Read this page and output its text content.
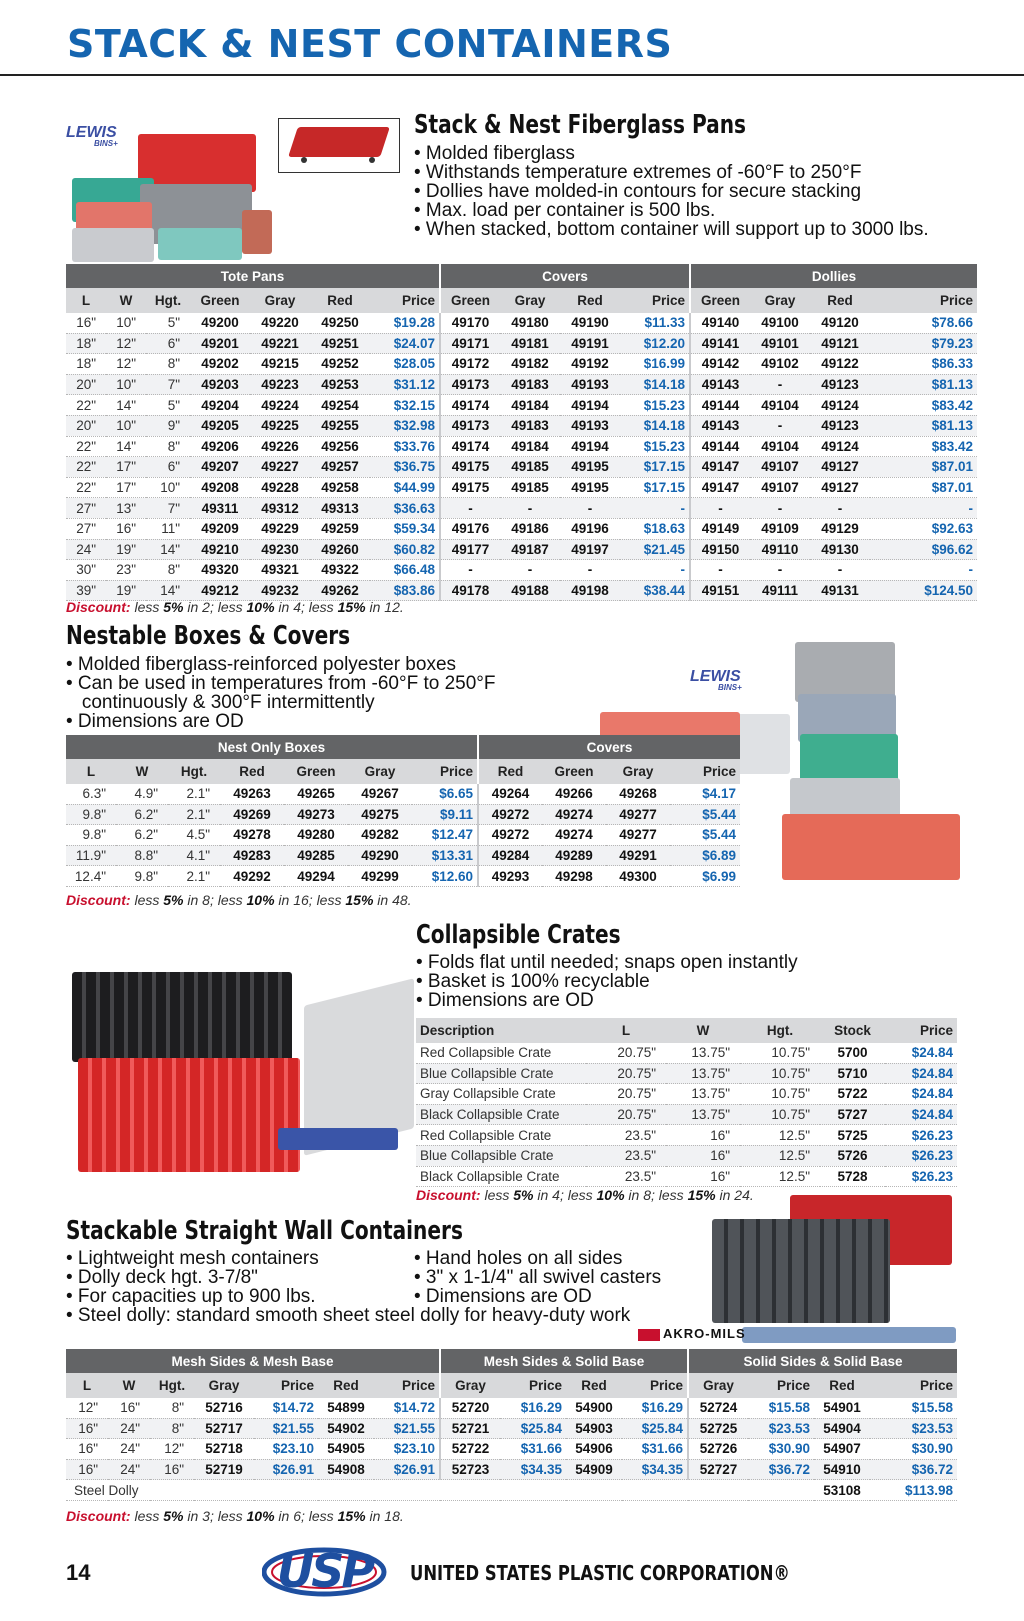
STACK & NEST CONTAINERS
LEWIS
BINS+
Stack & Nest Fiberglass Pans
• Molded fiberglass
• Withstands temperature extremes of -60°F to 250°F
• Dollies have molded-in contours for secure stacking
• Max. load per container is 500 lbs.
• When stacked, bottom container will support up to 3000 lbs.
Tote Pans							Covers				Dollies			
L	W	Hgt.	Green	Gray	Red	Price	Green	Gray	Red	Price	Green	Gray	Red	Price
16"	10"	5"	49200	49220	49250	$19.28	49170	49180	49190	$11.33	49140	49100	49120	$78.66
18"	12"	6"	49201	49221	49251	$24.07	49171	49181	49191	$12.20	49141	49101	49121	$79.23
18"	12"	8"	49202	49215	49252	$28.05	49172	49182	49192	$16.99	49142	49102	49122	$86.33
20"	10"	7"	49203	49223	49253	$31.12	49173	49183	49193	$14.18	49143	-	49123	$81.13
22"	14"	5"	49204	49224	49254	$32.15	49174	49184	49194	$15.23	49144	49104	49124	$83.42
20"	10"	9"	49205	49225	49255	$32.98	49173	49183	49193	$14.18	49143	-	49123	$81.13
22"	14"	8"	49206	49226	49256	$33.76	49174	49184	49194	$15.23	49144	49104	49124	$83.42
22"	17"	6"	49207	49227	49257	$36.75	49175	49185	49195	$17.15	49147	49107	49127	$87.01
22"	17"	10"	49208	49228	49258	$44.99	49175	49185	49195	$17.15	49147	49107	49127	$87.01
27"	13"	7"	49311	49312	49313	$36.63	-	-	-	-	-	-	-	-
27"	16"	11"	49209	49229	49259	$59.34	49176	49186	49196	$18.63	49149	49109	49129	$92.63
24"	19"	14"	49210	49230	49260	$60.82	49177	49187	49197	$21.45	49150	49110	49130	$96.62
30"	23"	8"	49320	49321	49322	$66.48	-	-	-	-	-	-	-	-
39"	19"	14"	49212	49232	49262	$83.86	49178	49188	49198	$38.44	49151	49111	49131	$124.50
Discount: less 5% in 2; less 10% in 4; less 15% in 12.
Nestable Boxes & Covers
• Molded fiberglass-reinforced polyester boxes
• Can be used in temperatures from -60°F to 250°F
continuously & 300°F intermittently
• Dimensions are OD
LEWIS
BINS+
Nest Only Boxes							Covers			
L	W	Hgt.	Red	Green	Gray	Price	Red	Green	Gray	Price
6.3"	4.9"	2.1"	49263	49265	49267	$6.65	49264	49266	49268	$4.17
9.8"	6.2"	2.1"	49269	49273	49275	$9.11	49272	49274	49277	$5.44
9.8"	6.2"	4.5"	49278	49280	49282	$12.47	49272	49274	49277	$5.44
11.9"	8.8"	4.1"	49283	49285	49290	$13.31	49284	49289	49291	$6.89
12.4"	9.8"	2.1"	49292	49294	49299	$12.60	49293	49298	49300	$6.99
Discount: less 5% in 8; less 10% in 16; less 15% in 48.
Collapsible Crates
• Folds flat until needed; snaps open instantly
• Basket is 100% recyclable
• Dimensions are OD
Description	L	W	Hgt.	Stock	Price
Red Collapsible Crate	20.75"	13.75"	10.75"	5700	$24.84
Blue Collapsible Crate	20.75"	13.75"	10.75"	5710	$24.84
Gray Collapsible Crate	20.75"	13.75"	10.75"	5722	$24.84
Black Collapsible Crate	20.75"	13.75"	10.75"	5727	$24.84
Red Collapsible Crate	23.5"	16"	12.5"	5725	$26.23
Blue Collapsible Crate	23.5"	16"	12.5"	5726	$26.23
Black Collapsible Crate	23.5"	16"	12.5"	5728	$26.23
Discount: less 5% in 4; less 10% in 8; less 15% in 24.
Stackable Straight Wall Containers
• Lightweight mesh containers
• Dolly deck hgt. 3-7/8"
• For capacities up to 900 lbs.
• Steel dolly: standard smooth sheet steel dolly for heavy-duty work
• Hand holes on all sides
• 3" x 1-1/4" all swivel casters
• Dimensions are OD
AKRO-MILS
Mesh Sides & Mesh Base							Mesh Sides & Solid Base				Solid Sides & Solid Base			
L	W	Hgt.	Gray	Price	Red	Price	Gray	Price	Red	Price	Gray	Price	Red	Price
12"	16"	8"	52716	$14.72	54899	$14.72	52720	$16.29	54900	$16.29	52724	$15.58	54901	$15.58
16"	24"	8"	52717	$21.55	54902	$21.55	52721	$25.84	54903	$25.84	52725	$23.53	54904	$23.53
16"	24"	12"	52718	$23.10	54905	$23.10	52722	$31.66	54906	$31.66	52726	$30.90	54907	$30.90
16"	24"	16"	52719	$26.91	54908	$26.91	52723	$34.35	54909	$34.35	52727	$36.72	54910	$36.72
Steel Dolly													53108	$113.98
Discount: less 5% in 3; less 10% in 6; less 15% in 18.
14	USP	UNITED STATES PLASTIC CORPORATION®
